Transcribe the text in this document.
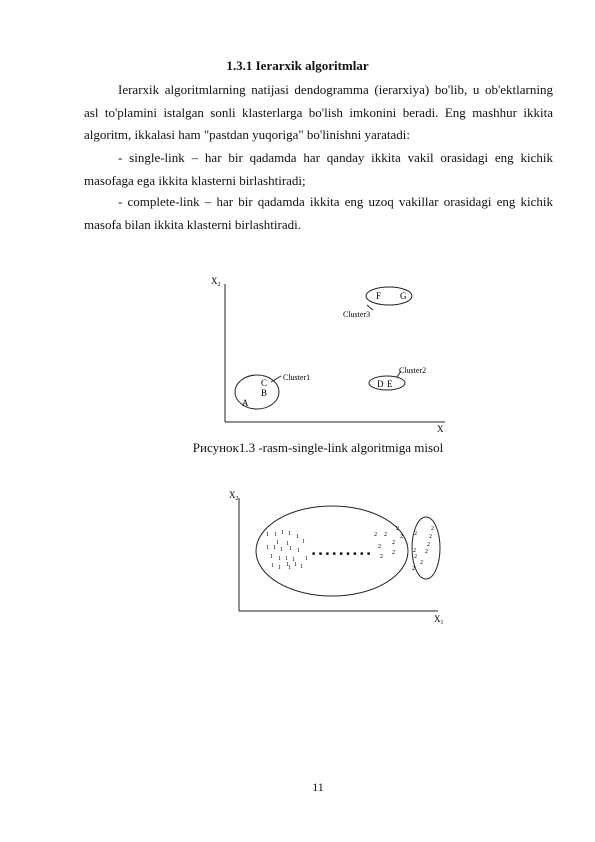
1.3.1 Ierarxik algoritmlar
Ierarxik algoritmlarning natijasi dendogramma (ierarxiya) bo'lib, u ob'ektlarning asl to'plamini istalgan sonli klasterlarga bo'lish imkonini beradi. Eng mashhur ikkita algoritm, ikkalasi ham "pastdan yuqoriga" bo'linishni yaratadi:
- single-link – har bir qadamda har qanday ikkita vakil orasidagi eng kichik masofaga ega ikkita klasterni birlashtiradi;
- complete-link – har bir qadamda ikkita eng uzoq vakillar orasidagi eng kichik masofa bilan ikkita klasterni birlashtiradi.
$X_2$
X
A
B
C	D E
F G
Cluster1
Cluster2
Cluster3
Рисунок1.3 -rasm-single-link algoritmiga misol
$X_2$
$X_1$
■ ■ ■ ■ ■ ■ ■ ■ ■
1 1 1 1 1
1
1 1
1 1 1 1 1
1 1 1 1 1
1 1 1 1
1 1
2 2
2
2
2
2
2
2
2
2
2
2
2 2
2
2
2
11
